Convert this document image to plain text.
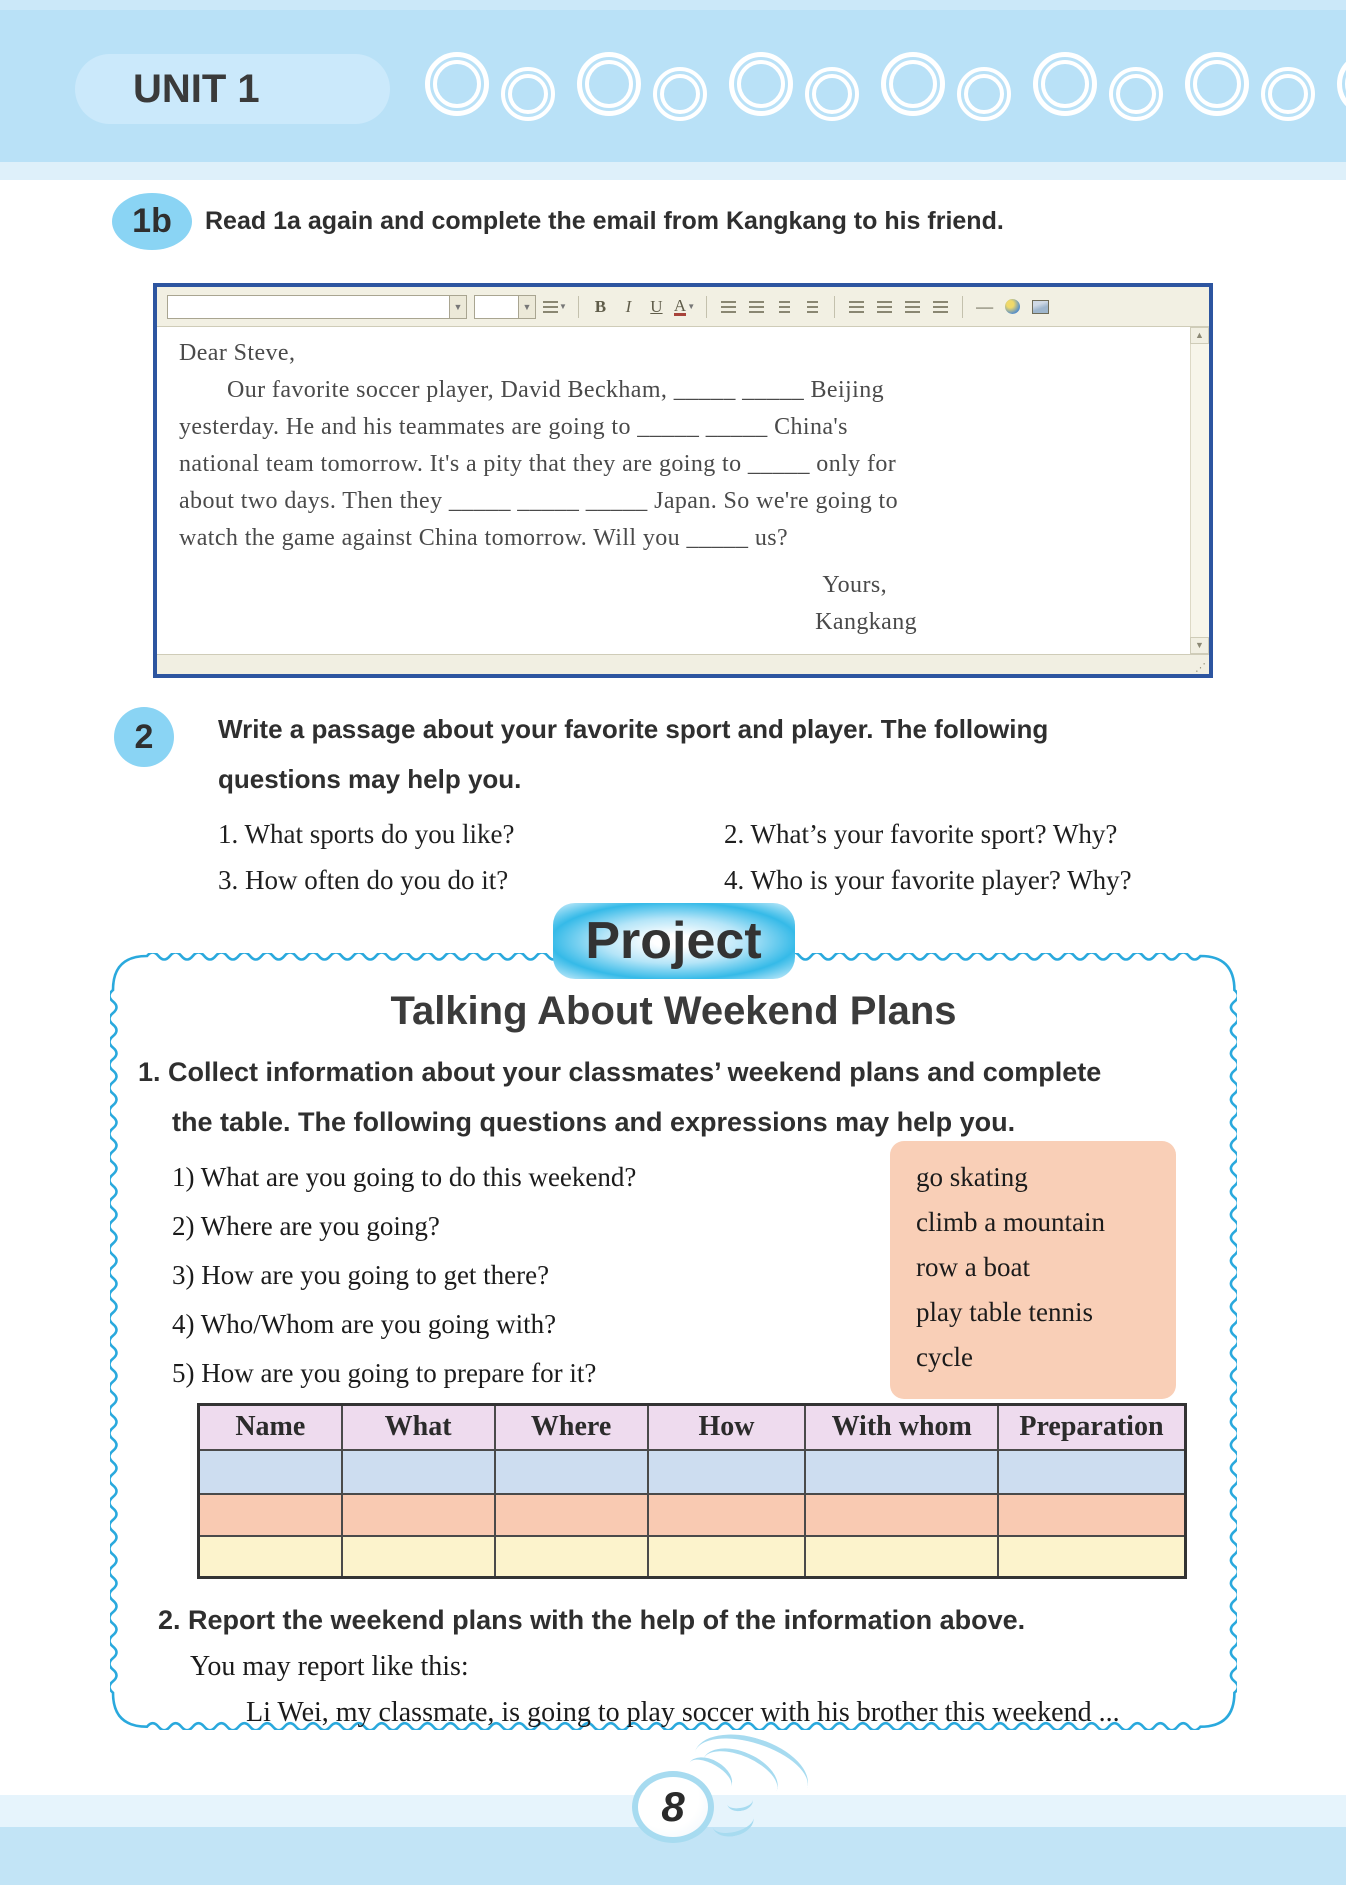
UNIT 1
1b	Read 1a again and complete the email from Kangkang to his friend.
▼	▼	▼ B	I	U A ▼	—
Dear Steve,
Our favorite soccer player, David Beckham, _____ _____ Beijing
yesterday. He and his teammates are going to _____ _____ China's
national team tomorrow. It's a pity that they are going to _____ only for
about two days. Then they _____ _____ _____ Japan. So we're going to
watch the game against China tomorrow. Will you _____ us?
Yours,
Kangkang
▲
▼
⋰
2	Write a passage about your favorite sport and player. The following
questions may help you.
1. What sports do you like?	2. What’s your favorite sport? Why?
3. How often do you do it?	4. Who is your favorite player? Why?
Project
Talking About Weekend Plans
1. Collect information about your classmates’ weekend plans and complete
the table. The following questions and expressions may help you.
1) What are you going to do this weekend?
2) Where are you going?
3) How are you going to get there?
4) Who/Whom are you going with?
5) How are you going to prepare for it?
go skating
climb a mountain
row a boat
play table tennis
cycle
Name	What	Where	How	With whom	Preparation

2. Report the weekend plans with the help of the information above.
You may report like this:
Li Wei, my classmate, is going to play soccer with his brother this weekend ...
8
